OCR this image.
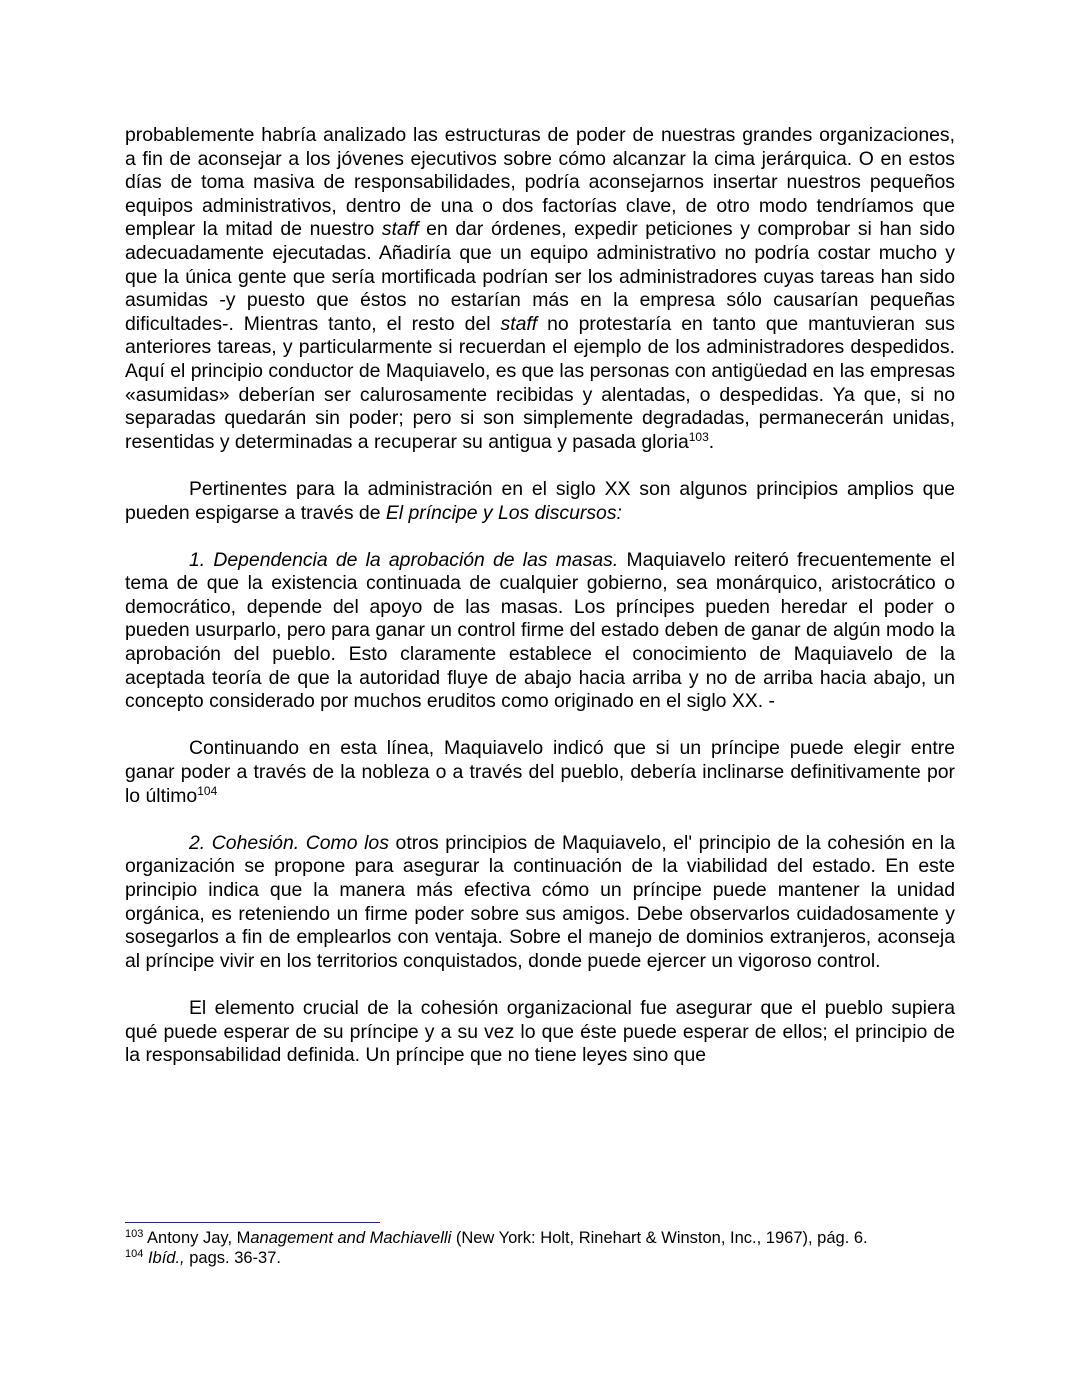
probablemente habría analizado las estructuras de poder de nuestras grandes organizaciones, a fin de aconsejar a los jóvenes ejecutivos sobre cómo alcanzar la cima jerárquica. O en estos días de toma masiva de responsabilidades, podría aconsejarnos insertar nuestros pequeños equipos administrativos, dentro de una o dos factorías clave, de otro modo tendríamos que emplear la mitad de nuestro staff en dar órdenes, expedir peticiones y comprobar si han sido adecuadamente ejecutadas. Añadiría que un equipo administrativo no podría costar mucho y que la única gente que sería mortificada podrían ser los administradores cuyas tareas han sido asumidas -y puesto que éstos no estarían más en la empresa sólo causarían pequeñas dificultades-. Mientras tanto, el resto del staff no protestaría en tanto que mantuvieran sus anteriores tareas, y particularmente si recuerdan el ejemplo de los administradores despedidos. Aquí el principio conductor de Maquiavelo, es que las personas con antigüedad en las empresas «asumidas» deberían ser calurosamente recibidas y alentadas, o despedidas. Ya que, si no separadas quedarán sin poder; pero si son simplemente degradadas, permanecerán unidas, resentidas y determinadas a recuperar su antigua y pasada gloria$^{103}$.

Pertinentes para la administración en el siglo XX son algunos principios amplios que pueden espigarse a través de El príncipe y Los discursos:

1. Dependencia de la aprobación de las masas. Maquiavelo reiteró frecuentemente el tema de que la existencia continuada de cualquier gobierno, sea monárquico, aristocrático o democrático, depende del apoyo de las masas. Los príncipes pueden heredar el poder o pueden usurparlo, pero para ganar un control firme del estado deben de ganar de algún modo la aprobación del pueblo. Esto claramente establece el conocimiento de Maquiavelo de la aceptada teoría de que la autoridad fluye de abajo hacia arriba y no de arriba hacia abajo, un concepto considerado por muchos eruditos como originado en el siglo XX. -

Continuando en esta línea, Maquiavelo indicó que si un príncipe puede elegir entre ganar poder a través de la nobleza o a través del pueblo, debería inclinarse definitivamente por lo último$^{104}$

2. Cohesión. Como los otros principios de Maquiavelo, el' principio de la cohesión en la organización se propone para asegurar la continuación de la viabilidad del estado. En este principio indica que la manera más efectiva cómo un príncipe puede mantener la unidad orgánica, es reteniendo un firme poder sobre sus amigos. Debe observarlos cuidadosamente y sosegarlos a fin de emplearlos con ventaja. Sobre el manejo de dominios extranjeros, aconseja al príncipe vivir en los territorios conquistados, donde puede ejercer un vigoroso control.

El elemento crucial de la cohesión organizacional fue asegurar que el pueblo supiera qué puede esperar de su príncipe y a su vez lo que éste puede esperar de ellos; el principio de la responsabilidad definida. Un príncipe que no tiene leyes sino que

$^{103}$ Antony Jay, Management and Machiavelli (New York: Holt, Rinehart & Winston, Inc., 1967), pág. 6.

$^{104}$ Ibíd., pags. 36-37.
